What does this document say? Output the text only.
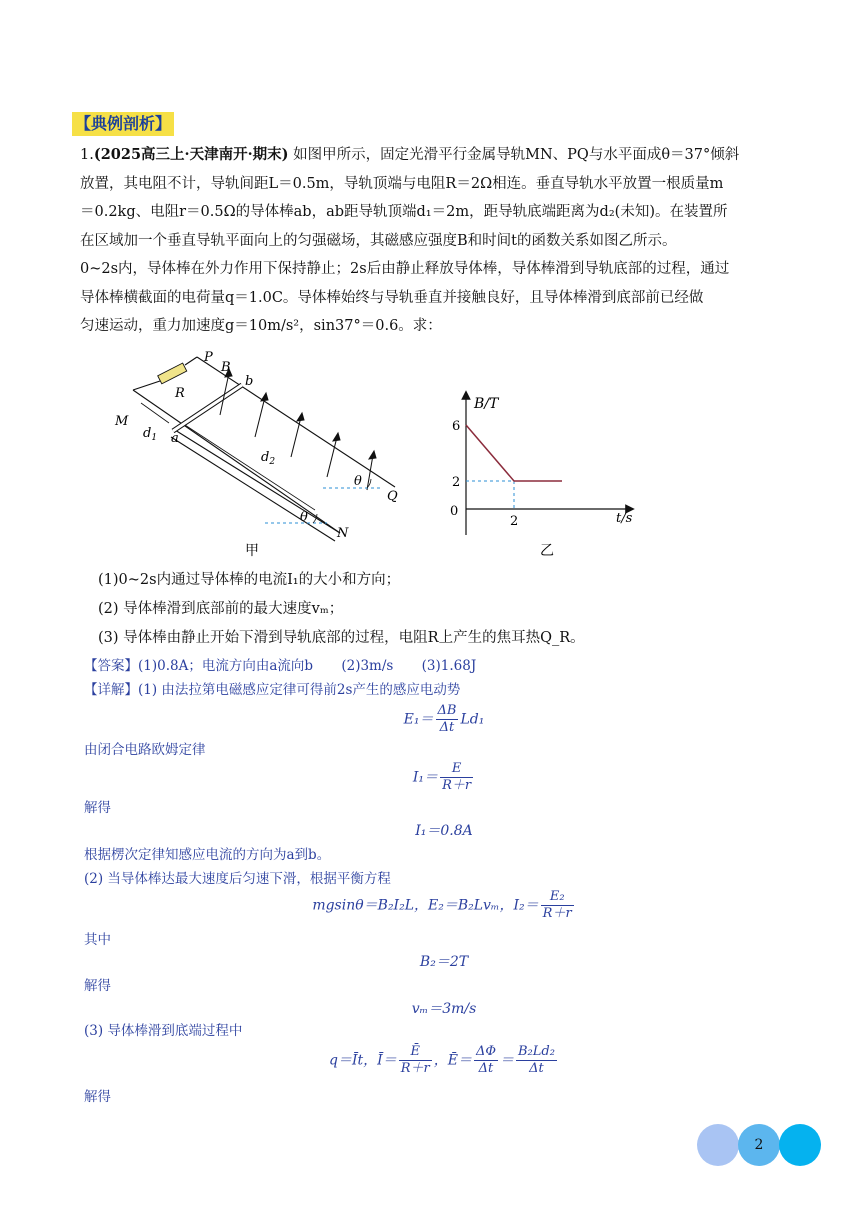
【典例剖析】
1.(2025高三上·天津南开·期末) 如图甲所示，固定光滑平行金属导轨MN、PQ与水平面成θ＝37°倾斜
放置，其电阻不计，导轨间距L＝0.5m，导轨顶端与电阻R＝2Ω相连。垂直导轨水平放置一根质量m
＝0.2kg、电阻r＝0.5Ω的导体棒ab，ab距导轨顶端d₁＝2m，距导轨底端距离为d₂(未知)。在装置所
在区域加一个垂直导轨平面向上的匀强磁场，其磁感应强度B和时间t的函数关系如图乙所示。
0~2s内，导体棒在外力作用下保持静止；2s后由静止释放导体棒，导体棒滑到导轨底部的过程，通过
导体棒横截面的电荷量q＝1.0C。导体棒始终与导轨垂直并接触良好，且导体棒滑到底部前已经做
匀速运动，重力加速度g＝10m/s²，sin37°＝0.6。求：
P
B
b
R
M
$d_1$ a
$d_2$
θ
Q
θ
N
甲
B/T
t/s
0
6
2
2
乙
(1)0~2s内通过导体棒的电流I₁的大小和方向；
(2) 导体棒滑到底部前的最大速度vₘ；
(3) 导体棒由静止开始下滑到导轨底部的过程，电阻R上产生的焦耳热Q_R。
【答案】(1)0.8A；电流方向由a流向b (2)3m/s (3)1.68J
【详解】(1) 由法拉第电磁感应定律可得前2s产生的感应电动势
$E_1= \frac{\Delta B}{\Delta t} Ld_1$
由闭合电路欧姆定律
$I_1= \frac{E}{R+r}$
解得
I₁＝0.8A
根据楞次定律知感应电流的方向为a到b。
(2) 当导体棒达最大速度后匀速下滑，根据平衡方程
mgsinθ＝B₂I₂L，E₂＝B₂Lvₘ，$I_2= \frac{\text{E₂}}{R+r}$
其中
B₂＝2T
解得
vₘ＝3m/s
(3) 导体棒滑到底端过程中
q＝Īt，Ī＝ $\frac{Ē}{R+r}$ ，Ē＝ $\frac{\Delta\Phi}{\Delta t} = \frac{\text{B₂Ld₂}}{\Delta t}$
解得
2
